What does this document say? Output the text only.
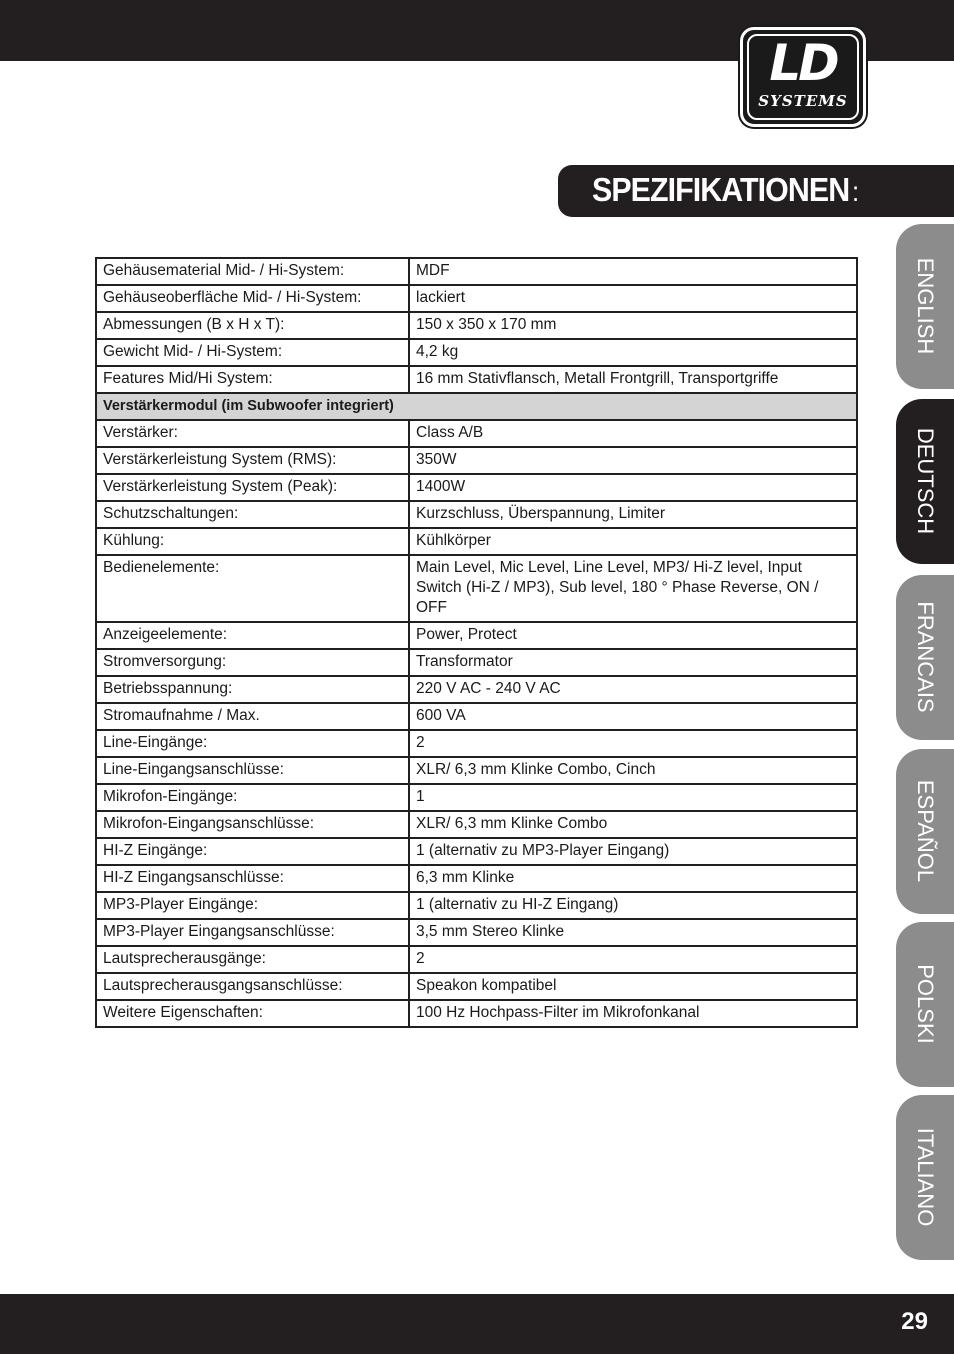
LD
SYSTEMS
SPEZIFIKATIONEN:
ENGLISH
DEUTSCH
FRANCAIS
ESPAÑOL
POLSKI
ITALIANO
Gehäusematerial Mid- / Hi-System:	MDF
Gehäuseoberfläche Mid- / Hi-System:	lackiert
Abmessungen (B x H x T):	150 x 350 x 170 mm
Gewicht Mid- / Hi-System:	4,2 kg
Features Mid/Hi System:	16 mm Stativflansch, Metall Frontgrill, Transportgriffe
Verstärkermodul (im Subwoofer integriert)	
Verstärker:	Class A/B
Verstärkerleistung System (RMS):	350W
Verstärkerleistung System (Peak):	1400W
Schutzschaltungen:	Kurzschluss, Überspannung, Limiter
Kühlung:	Kühlkörper
Bedienelemente:	Main Level, Mic Level, Line Level, MP3/ Hi-Z level, Input Switch (Hi-Z / MP3), Sub level, 180 ° Phase Reverse, ON / OFF
Anzeigeelemente:	Power, Protect
Stromversorgung:	Transformator
Betriebsspannung:	220 V AC - 240 V AC
Stromaufnahme / Max.	600 VA
Line-Eingänge:	2
Line-Eingangsanschlüsse:	XLR/ 6,3 mm Klinke Combo, Cinch
Mikrofon-Eingänge:	1
Mikrofon-Eingangsanschlüsse:	XLR/ 6,3 mm Klinke Combo
HI-Z Eingänge:	1 (alternativ zu MP3-Player Eingang)
HI-Z Eingangsanschlüsse:	6,3 mm Klinke
MP3-Player Eingänge:	1 (alternativ zu HI-Z Eingang)
MP3-Player Eingangsanschlüsse:	3,5 mm Stereo Klinke
Lautsprecherausgänge:	2
Lautsprecherausgangsanschlüsse:	Speakon kompatibel
Weitere Eigenschaften:	100 Hz Hochpass-Filter im Mikrofonkanal
29
